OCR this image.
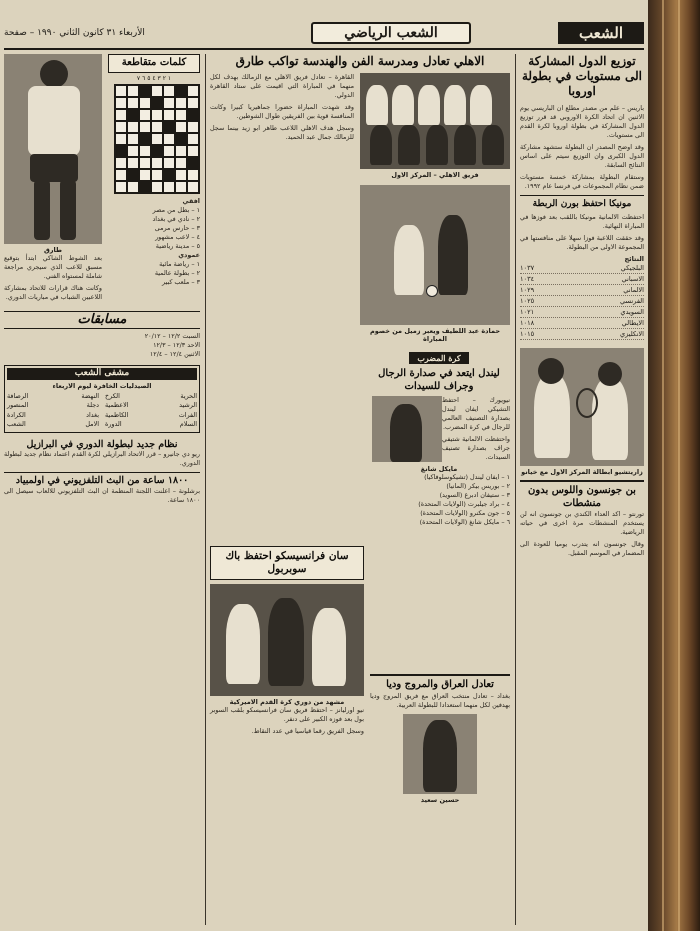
الأربعاء ٣١ كانون الثاني ١٩٩٠ – صفحة	الشعب الرياضي	الشعب
توزيع الدول المشاركة الى مستويات في بطولة اوروبا

باريس – علم من مصدر مطلع ان الباريسي يوم الاثنين ان اتحاد الكرة الاوروبي قد قرر توزيع الدول المشاركة في بطولة اوروبا لكرة القدم الى مستويات.

وقد اوضح المصدر ان البطولة ستشهد مشاركة الدول الكبرى وان التوزيع سيتم على اساس النتائج السابقة.

وستقام البطولة بمشاركة خمسة مستويات ضمن نظام المجموعات في فرنسا عام ١٩٩٢.

مونيكا احتفظ بورن الربطة

احتفظت الالمانية مونيكا باللقب بعد فوزها في المباراة النهائية.

وقد حققت اللاعبة فوزا سهلا على منافستها في المجموعة الاولى من البطولة.

النتائج
البلجيكي
١٠٣٧
الاسباني
١٠٣٤
الالماني
١٠٢٩
الفرنسي
١٠٢٥
السويدي
١٠٢١
الايطالي
١٠١٨
الانكليزي
١٠١٥
زاريتشيو ابطالة المركز الاول مع خيانو
بن جونسون واللوس بدون منشطات

تورنتو – اكد العداء الكندي بن جونسون انه لن يستخدم المنشطات مرة اخرى في حياته الرياضية.

وقال جونسون انه يتدرب يوميا للعودة الى المضمار في الموسم المقبل.

الاهلي تعادل ومدرسة الفن والهندسة تواكب طارق
فريق الاهلي – المركز الاول

القاهرة – تعادل فريق الاهلي مع الزمالك بهدف لكل منهما في المباراة التي اقيمت على ستاد القاهرة الدولي.

وقد شهدت المباراة حضورا جماهيريا كبيرا وكانت المنافسة قوية بين الفريقين طوال الشوطين.

وسجل هدف الاهلي اللاعب طاهر ابو زيد بينما سجل للزمالك جمال عبد الحميد.

حمادة عبد اللطيف ويعبر زميل من خصوم المباراة
كرة المضرب
ليندل ايتعد في صدارة الرجال وجراف للسيدات

نيويورك – احتفظ التشيكي ايفان ليندل بصدارة التصنيف العالمي للرجال في كرة المضرب.

واحتفظت الالمانية شتيفي جراف بصدارة تصنيف السيدات.

مايكل شانغ
١ – ايفان ليندل (تشيكوسلوفاكيا)
٢ – بوريس بيكر (المانيا)
٣ – ستيفان ادبرغ (السويد)
٤ – براد جيلبرت (الولايات المتحدة)
٥ – جون مكنرو (الولايات المتحدة)
٦ – مايكل شانغ (الولايات المتحدة)
سان فرانسيسكو احتفظ باك سوبربول
مشهد من دوري كرة القدم الاميركية

نيو اورليانز – احتفظ فريق سان فرانسيسكو بلقب السوبر بول بعد فوزه الكبير على دنفر.

وسجل الفريق رقما قياسيا في عدد النقاط.

تعادل العراق والمروج وديا

بغداد – تعادل منتخب العراق مع فريق المروج وديا بهدفين لكل منهما استعدادا للبطولة العربية.

حسين سعيد
كلمات متقاطعة
١ ٢ ٣ ٤ ٥ ٦ ٧
افقي
١ – بطل من مصر
٢ – نادي في بغداد
٣ – حارس مرمى
٤ – لاعب مشهور
٥ – مدينة رياضية
عمودي
١ – رياضة مائية
٢ – بطولة عالمية
٣ – ملعب كبير
طارق

بعد الشوط الشاكي ابتدأ بتوقيع مسبق للاعب الذي سيجري مراجعة شاملة لمستواه الفني.

وكانت هناك قرارات للاتحاد بمشاركة اللاعبين الشباب في مباريات الدوري.

مسابقات
السبت ١٢/٢ – ٢٠/١٢
الاحد ١٢/٣ – ١٢/٣
الاثنين ١٢/٤ – ١٢/٤
مشفى الشعب
الصيدليات الخافرة ليوم الاربعاء
الحرية
الكرخ
النهضة
الرصافة
الرشيد
الاعظمية
دجلة
المنصور
الفرات
الكاظمية
بغداد
الكرادة
السلام
الدورة
الامل
الشعب
نظام جديد لبطولة الدوري في البرازيل

ريو دي جانيرو – قرر الاتحاد البرازيلي لكرة القدم اعتماد نظام جديد لبطولة الدوري.

١٨٠٠ ساعة من البث التلفزيوني في اولمبياد

برشلونة – اعلنت اللجنة المنظمة ان البث التلفزيوني للالعاب سيصل الى ١٨٠٠ ساعة.
